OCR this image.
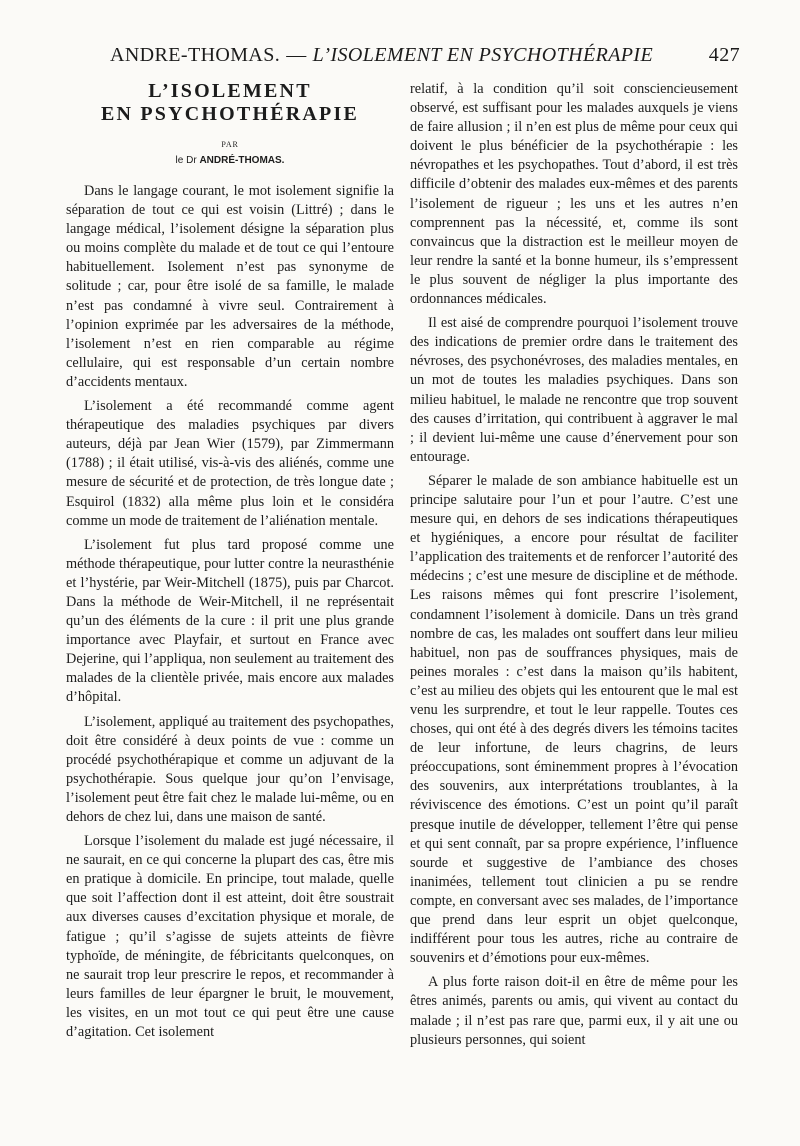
ANDRE-THOMAS. — L’ISOLEMENT EN PSYCHOTHÉRAPIE	427
L’ISOLEMENT
EN PSYCHOTHÉRAPIE
PAR
le Dr ANDRÉ-THOMAS.

Dans le langage courant, le mot isolement signifie la séparation de tout ce qui est voisin (Littré) ; dans le langage médical, l’isolement désigne la séparation plus ou moins complète du malade et de tout ce qui l’entoure habituellement. Isolement n’est pas synonyme de solitude ; car, pour être isolé de sa famille, le malade n’est pas condamné à vivre seul. Contrairement à l’opinion exprimée par les adversaires de la méthode, l’isolement n’est en rien comparable au régime cellulaire, qui est responsable d’un certain nombre d’accidents mentaux.

L’isolement a été recommandé comme agent thérapeutique des maladies psychiques par divers auteurs, déjà par Jean Wier (1579), par Zimmermann (1788) ; il était utilisé, vis-à-vis des aliénés, comme une mesure de sécurité et de protection, de très longue date ; Esquirol (1832) alla même plus loin et le considéra comme un mode de traitement de l’aliénation mentale.

L’isolement fut plus tard proposé comme une méthode thérapeutique, pour lutter contre la neurasthénie et l’hystérie, par Weir-Mitchell (1875), puis par Charcot. Dans la méthode de Weir-Mitchell, il ne représentait qu’un des éléments de la cure : il prit une plus grande importance avec Playfair, et surtout en France avec Dejerine, qui l’appliqua, non seulement au traitement des malades de la clientèle privée, mais encore aux malades d’hôpital.

L’isolement, appliqué au traitement des psychopathes, doit être considéré à deux points de vue : comme un procédé psychothérapique et comme un adjuvant de la psychothérapie. Sous quelque jour qu’on l’envisage, l’isolement peut être fait chez le malade lui-même, ou en dehors de chez lui, dans une maison de santé.

Lorsque l’isolement du malade est jugé nécessaire, il ne saurait, en ce qui concerne la plupart des cas, être mis en pratique à domicile. En principe, tout malade, quelle que soit l’affection dont il est atteint, doit être soustrait aux diverses causes d’excitation physique et morale, de fatigue ; qu’il s’agisse de sujets atteints de fièvre typhoïde, de méningite, de fébricitants quelconques, on ne saurait trop leur prescrire le repos, et recommander à leurs familles de leur épargner le bruit, le mouvement, les visites, en un mot tout ce qui peut être une cause d’agitation. Cet isolement

relatif, à la condition qu’il soit consciencieusement observé, est suffisant pour les malades auxquels je viens de faire allusion ; il n’en est plus de même pour ceux qui doivent le plus bénéficier de la psychothérapie : les névropathes et les psychopathes. Tout d’abord, il est très difficile d’obtenir des malades eux-mêmes et des parents l’isolement de rigueur ; les uns et les autres n’en comprennent pas la nécessité, et, comme ils sont convaincus que la distraction est le meilleur moyen de leur rendre la santé et la bonne humeur, ils s’empressent le plus souvent de négliger la plus importante des ordonnances médicales.

Il est aisé de comprendre pourquoi l’isolement trouve des indications de premier ordre dans le traitement des névroses, des psychonévroses, des maladies mentales, en un mot de toutes les maladies psychiques. Dans son milieu habituel, le malade ne rencontre que trop souvent des causes d’irritation, qui contribuent à aggraver le mal ; il devient lui-même une cause d’énervement pour son entourage.

Séparer le malade de son ambiance habituelle est un principe salutaire pour l’un et pour l’autre. C’est une mesure qui, en dehors de ses indications thérapeutiques et hygiéniques, a encore pour résultat de faciliter l’application des traitements et de renforcer l’autorité des médecins ; c’est une mesure de discipline et de méthode. Les raisons mêmes qui font prescrire l’isolement, condamnent l’isolement à domicile. Dans un très grand nombre de cas, les malades ont souffert dans leur milieu habituel, non pas de souffrances physiques, mais de peines morales : c’est dans la maison qu’ils habitent, c’est au milieu des objets qui les entourent que le mal est venu les surprendre, et tout le leur rappelle. Toutes ces choses, qui ont été à des degrés divers les témoins tacites de leur infortune, de leurs chagrins, de leurs préoccupations, sont éminemment propres à l’évocation des souvenirs, aux interprétations troublantes, à la réviviscence des émotions. C’est un point qu’il paraît presque inutile de développer, tellement l’être qui pense et qui sent connaît, par sa propre expérience, l’influence sourde et suggestive de l’ambiance des choses inanimées, tellement tout clinicien a pu se rendre compte, en conversant avec ses malades, de l’importance que prend dans leur esprit un objet quelconque, indifférent pour tous les autres, riche au contraire de souvenirs et d’émotions pour eux-mêmes.

A plus forte raison doit-il en être de même pour les êtres animés, parents ou amis, qui vivent au contact du malade ; il n’est pas rare que, parmi eux, il y ait une ou plusieurs personnes, qui soient
